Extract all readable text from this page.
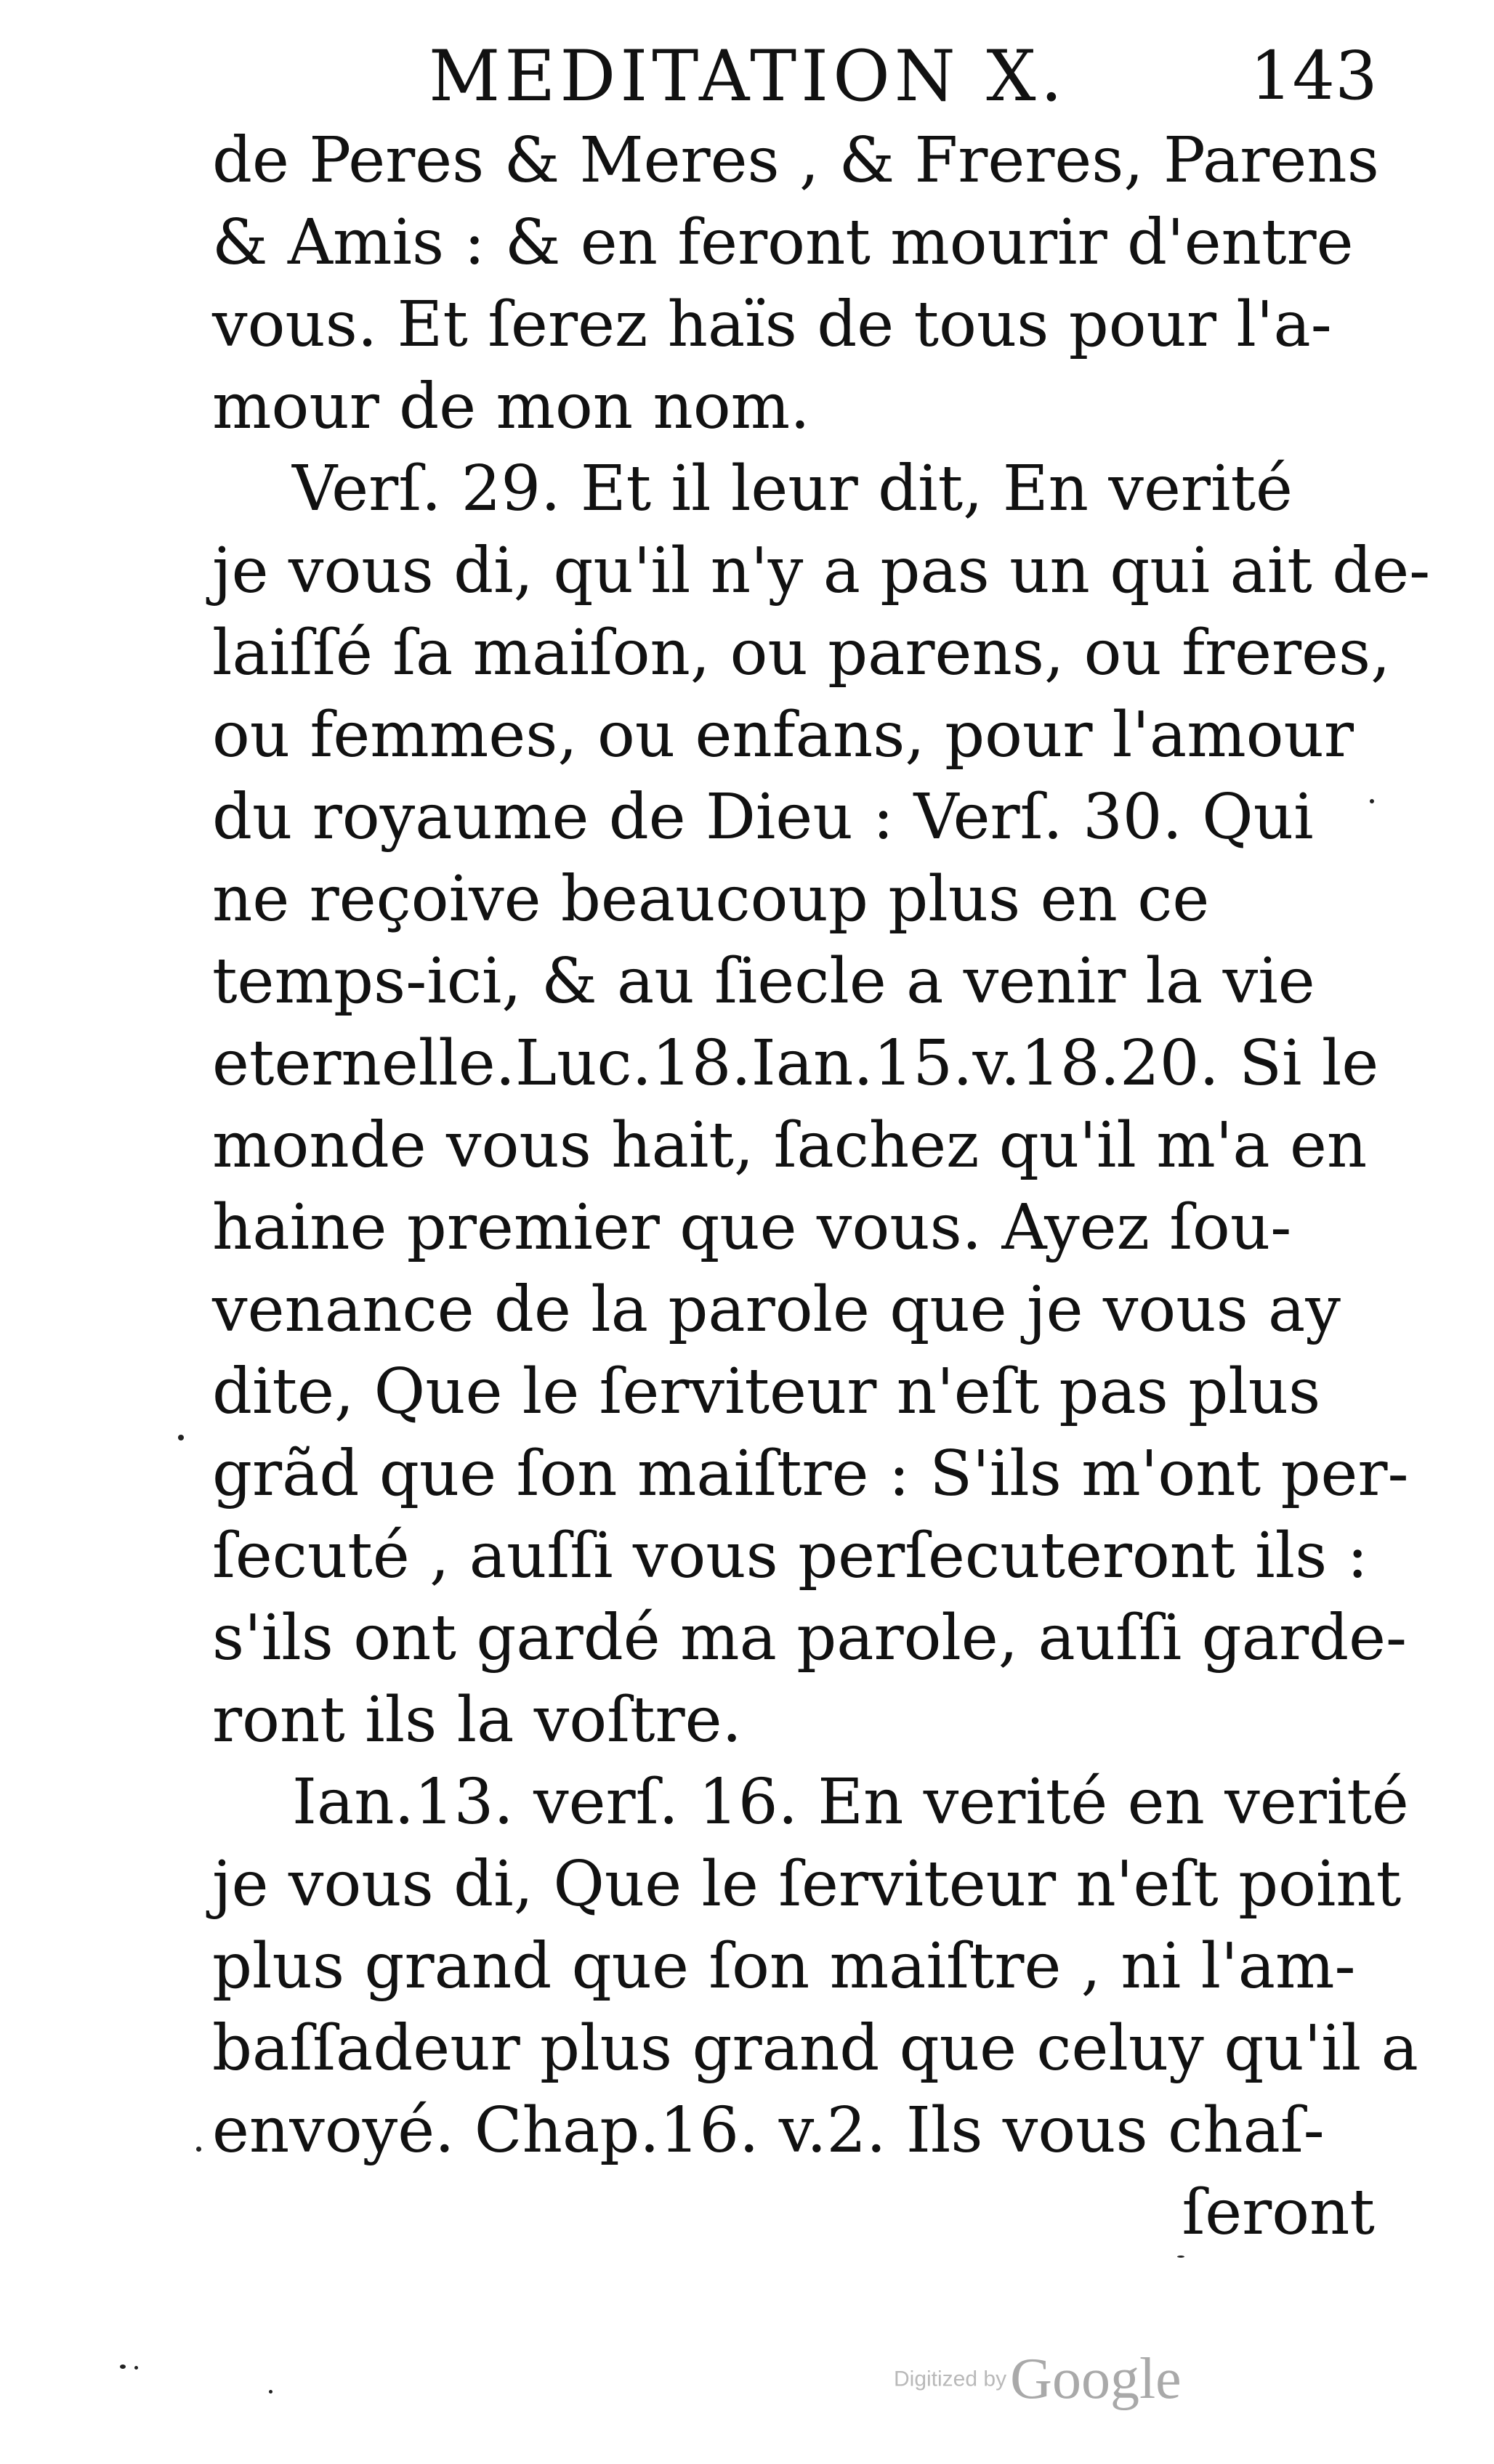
MEDITATION X.	143
de Peres & Meres , & Freres, Parens
& Amis : & en feront mourir d'entre
vous. Et ſerez haïs de tous pour l'a-
mour de mon nom.
Verſ. 29. Et il leur dit, En verité
je vous di, qu'il n'y a pas un qui ait de-
laiſſé ſa maiſon, ou parens, ou freres,
ou femmes, ou enfans, pour l'amour
du royaume de Dieu : Verſ. 30. Qui
ne reçoive beaucoup plus en ce
temps-ici, & au ſiecle a venir la vie
eternelle.Luc.18.Ian.15.v.18.20. Si le
monde vous hait, ſachez qu'il m'a en
haine premier que vous. Ayez ſou-
venance de la parole que je vous ay
dite, Que le ſerviteur n'eſt pas plus
grãd que ſon maiſtre : S'ils m'ont per-
ſecuté , auſſi vous perſecuteront ils :
s'ils ont gardé ma parole, auſſi garde-
ront ils la voſtre.
Ian.13. verſ. 16. En verité en verité
je vous di, Que le ſerviteur n'eſt point
plus grand que ſon maiſtre , ni l'am-
baſſadeur plus grand que celuy qu'il a
envoyé. Chap.16. v.2. Ils vous chaſ-
ſeront
Digitized by Google
